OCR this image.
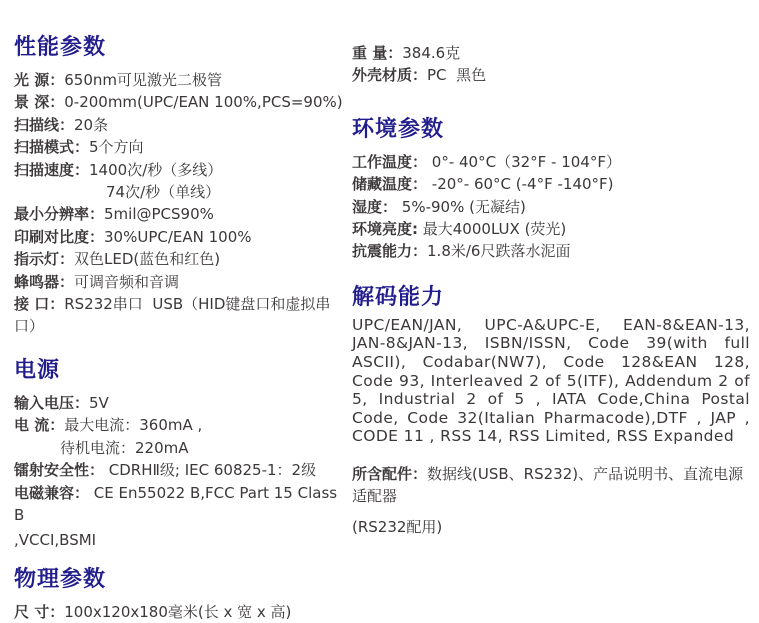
性能参数
光 源：650nm可见激光二极管
景 深：0-200mm(UPC/EAN 100%,PCS=90%)
扫描线：20条
扫描模式：5个方向
扫描速度：1400次/秒（多线）
74次/秒（单线）
最小分辨率：5mil@PCS90%
印刷对比度：30%UPC/EAN 100%
指示灯：双色LED(蓝色和红色)
蜂鸣器：可调音频和音调
接 口：RS232串口  USB（HID键盘口和虚拟串口）
电源
输入电压：5V
电 流：最大电流：360mA ,
待机电流：220mA
镭射安全性： CDRHⅡ级; IEC 60825-1：2级
电磁兼容： CE En55022 B,FCC Part 15 Class B
,VCCI,BSMI
物理参数
尺 寸：100x120x180毫米(长 x 宽 x 高)
重 量：384.6克
外壳材质：PC  黑色
环境参数
工作温度： 0°- 40°C（32°F - 104°F）
储藏温度： -20°- 60°C (-4°F -140°F)
湿度： 5%-90% (无凝结)
环境亮度: 最大4000LUX (荧光)
抗震能力：1.8米/6尺跌落水泥面
解码能力
UPC/EAN/JAN, UPC-A&UPC-E, EAN-8&EAN-13, JAN-8&JAN-13, ISBN/ISSN, Code 39(with full ASCII), Codabar(NW7), Code 128&EAN 128, Code 93, Interleaved 2 of 5(ITF), Addendum 2 of 5, Industrial 2 of 5 , IATA Code,China Postal Code, Code 32(Italian Pharmacode),DTF , JAP , CODE 11 , RSS 14, RSS Limited, RSS Expanded
所含配件：数据线(USB、RS232)、产品说明书、直流电源适配器
(RS232配用)
